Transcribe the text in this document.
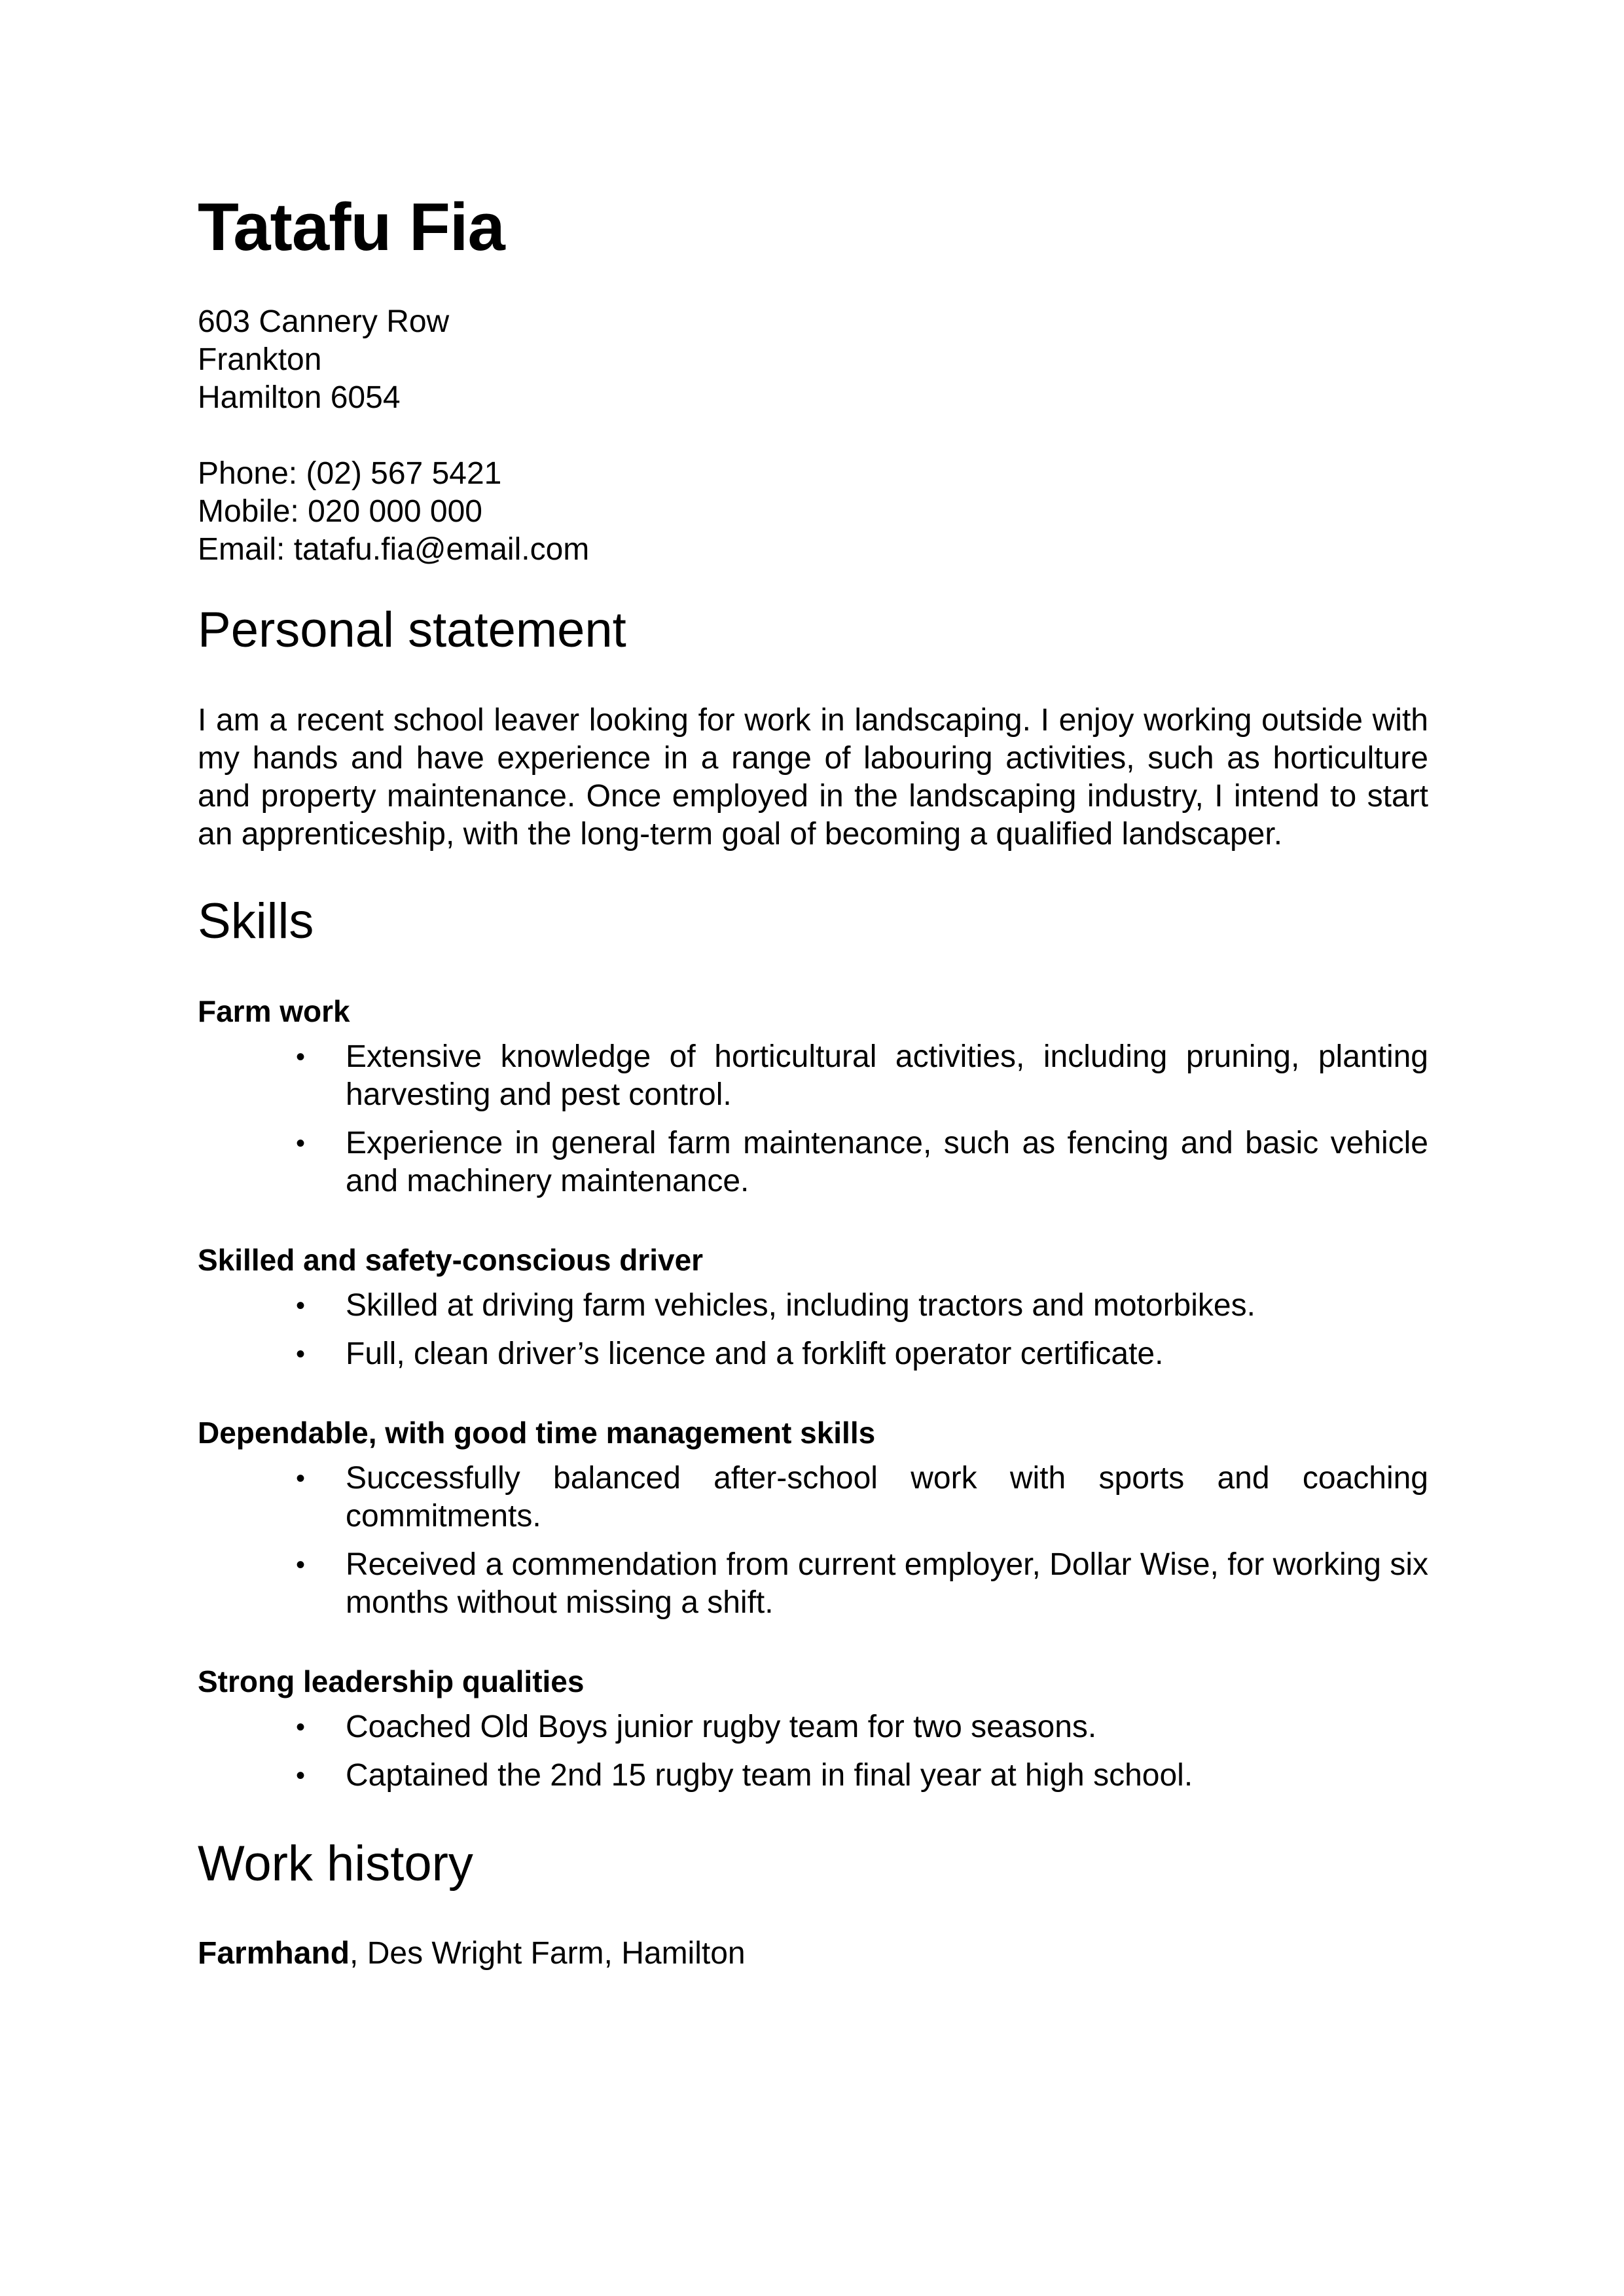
Tatafu Fia
603 Cannery Row
Frankton
Hamilton 6054
Phone: (02) 567 5421
Mobile: 020 000 000
Email: tatafu.fia@email.com
Personal statement

I am a recent school leaver looking for work in landscaping. I enjoy working outside with my hands and have experience in a range of labouring activities, such as horticulture and property maintenance. Once employed in the landscaping industry, I intend to start an apprenticeship, with the long-term goal of becoming a qualified landscaper.

Skills
Farm work
• Extensive knowledge of horticultural activities, including pruning, planting harvesting and pest control.
• Experience in general farm maintenance, such as fencing and basic vehicle and machinery maintenance.
Skilled and safety-conscious driver
• Skilled at driving farm vehicles, including tractors and motorbikes.
• Full, clean driver’s licence and a forklift operator certificate.
Dependable, with good time management skills
• Successfully balanced after-school work with sports and coaching commitments.
• Received a commendation from current employer, Dollar Wise, for working six months without missing a shift.
Strong leadership qualities
• Coached Old Boys junior rugby team for two seasons.
• Captained the 2nd 15 rugby team in final year at high school.
Work history

Farmhand, Des Wright Farm, Hamilton
